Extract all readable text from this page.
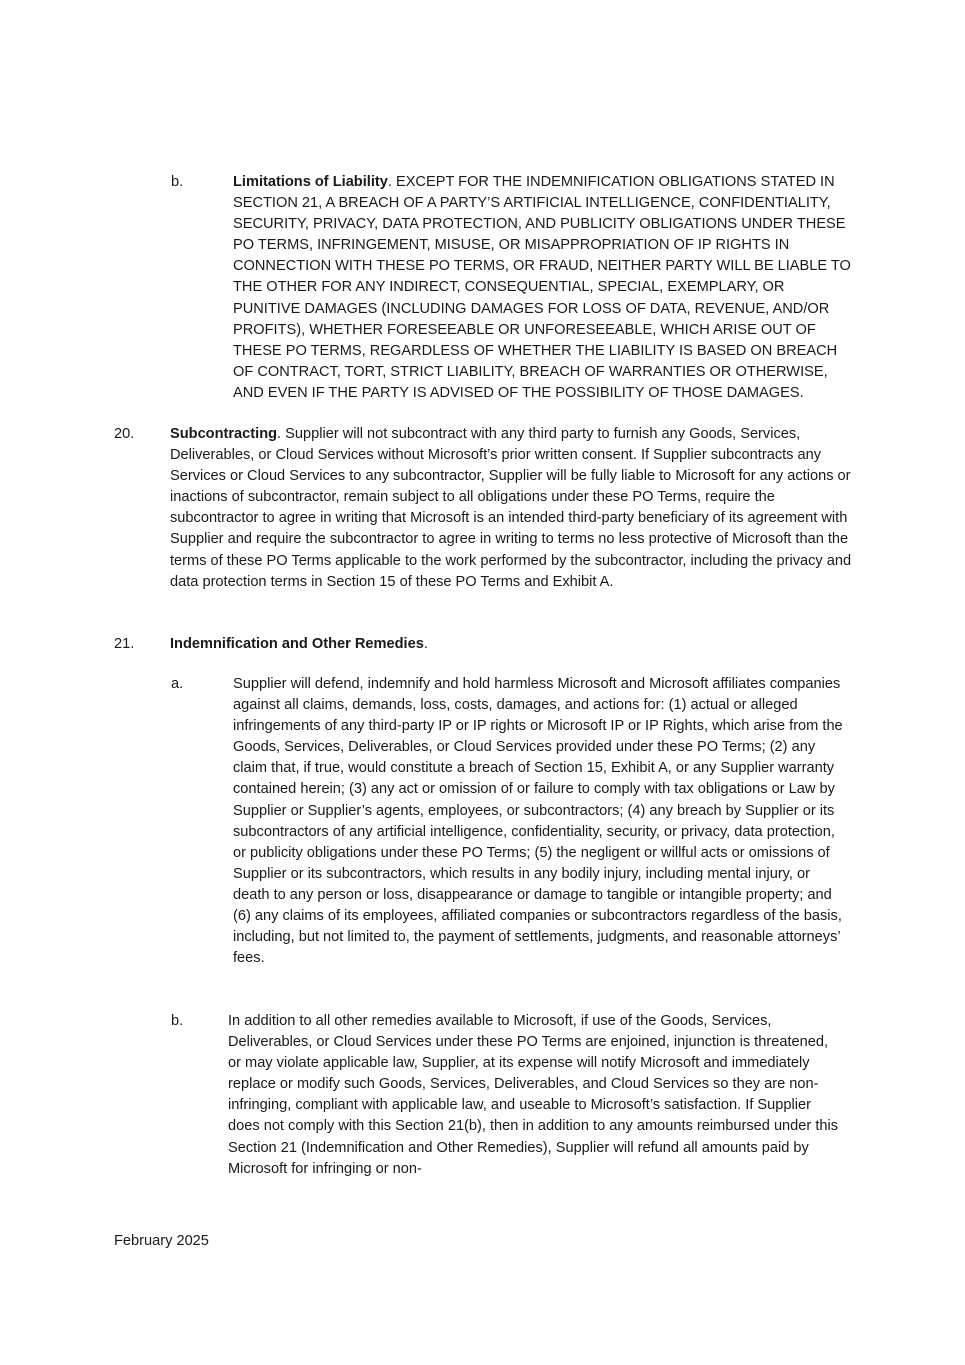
b.	Limitations of Liability. EXCEPT FOR THE INDEMNIFICATION OBLIGATIONS STATED IN SECTION 21, A BREACH OF A PARTY’S ARTIFICIAL INTELLIGENCE, CONFIDENTIALITY, SECURITY, PRIVACY, DATA PROTECTION, AND PUBLICITY OBLIGATIONS UNDER THESE PO TERMS, INFRINGEMENT, MISUSE, OR MISAPPROPRIATION OF IP RIGHTS IN CONNECTION WITH THESE PO TERMS, OR FRAUD, NEITHER PARTY WILL BE LIABLE TO THE OTHER FOR ANY INDIRECT, CONSEQUENTIAL, SPECIAL, EXEMPLARY, OR PUNITIVE DAMAGES (INCLUDING DAMAGES FOR LOSS OF DATA, REVENUE, AND/OR PROFITS), WHETHER FORESEEABLE OR UNFORESEEABLE, WHICH ARISE OUT OF THESE PO TERMS, REGARDLESS OF WHETHER THE LIABILITY IS BASED ON BREACH OF CONTRACT, TORT, STRICT LIABILITY, BREACH OF WARRANTIES OR OTHERWISE, AND EVEN IF THE PARTY IS ADVISED OF THE POSSIBILITY OF THOSE DAMAGES.

20. Subcontracting. Supplier will not subcontract with any third party to furnish any Goods, Services, Deliverables, or Cloud Services without Microsoft’s prior written consent. If Supplier subcontracts any Services or Cloud Services to any subcontractor, Supplier will be fully liable to Microsoft for any actions or inactions of subcontractor, remain subject to all obligations under these PO Terms, require the subcontractor to agree in writing that Microsoft is an intended third-party beneficiary of its agreement with Supplier and require the subcontractor to agree in writing to terms no less protective of Microsoft than the terms of these PO Terms applicable to the work performed by the subcontractor, including the privacy and data protection terms in Section 15 of these PO Terms and Exhibit A.

21. Indemnification and Other Remedies.

a.	Supplier will defend, indemnify and hold harmless Microsoft and Microsoft affiliates companies against all claims, demands, loss, costs, damages, and actions for: (1) actual or alleged infringements of any third-party IP or IP rights or Microsoft IP or IP Rights, which arise from the Goods, Services, Deliverables, or Cloud Services provided under these PO Terms; (2) any claim that, if true, would constitute a breach of Section 15, Exhibit A, or any Supplier warranty contained herein; (3) any act or omission of or failure to comply with tax obligations or Law by Supplier or Supplier’s agents, employees, or subcontractors; (4) any breach by Supplier or its subcontractors of any artificial intelligence, confidentiality, security, or privacy, data protection, or publicity obligations under these PO Terms; (5) the negligent or willful acts or omissions of Supplier or its subcontractors, which results in any bodily injury, including mental injury, or death to any person or loss, disappearance or damage to tangible or intangible property; and (6) any claims of its employees, affiliated companies or subcontractors regardless of the basis, including, but not limited to, the payment of settlements, judgments, and reasonable attorneys’ fees.

b.	In addition to all other remedies available to Microsoft, if use of the Goods, Services, Deliverables, or Cloud Services under these PO Terms are enjoined, injunction is threatened, or may violate applicable law, Supplier, at its expense will notify Microsoft and immediately replace or modify such Goods, Services, Deliverables, and Cloud Services so they are non-infringing, compliant with applicable law, and useable to Microsoft’s satisfaction. If Supplier does not comply with this Section 21(b), then in addition to any amounts reimbursed under this Section 21 (Indemnification and Other Remedies), Supplier will refund all amounts paid by Microsoft for infringing or non-

February 2025
